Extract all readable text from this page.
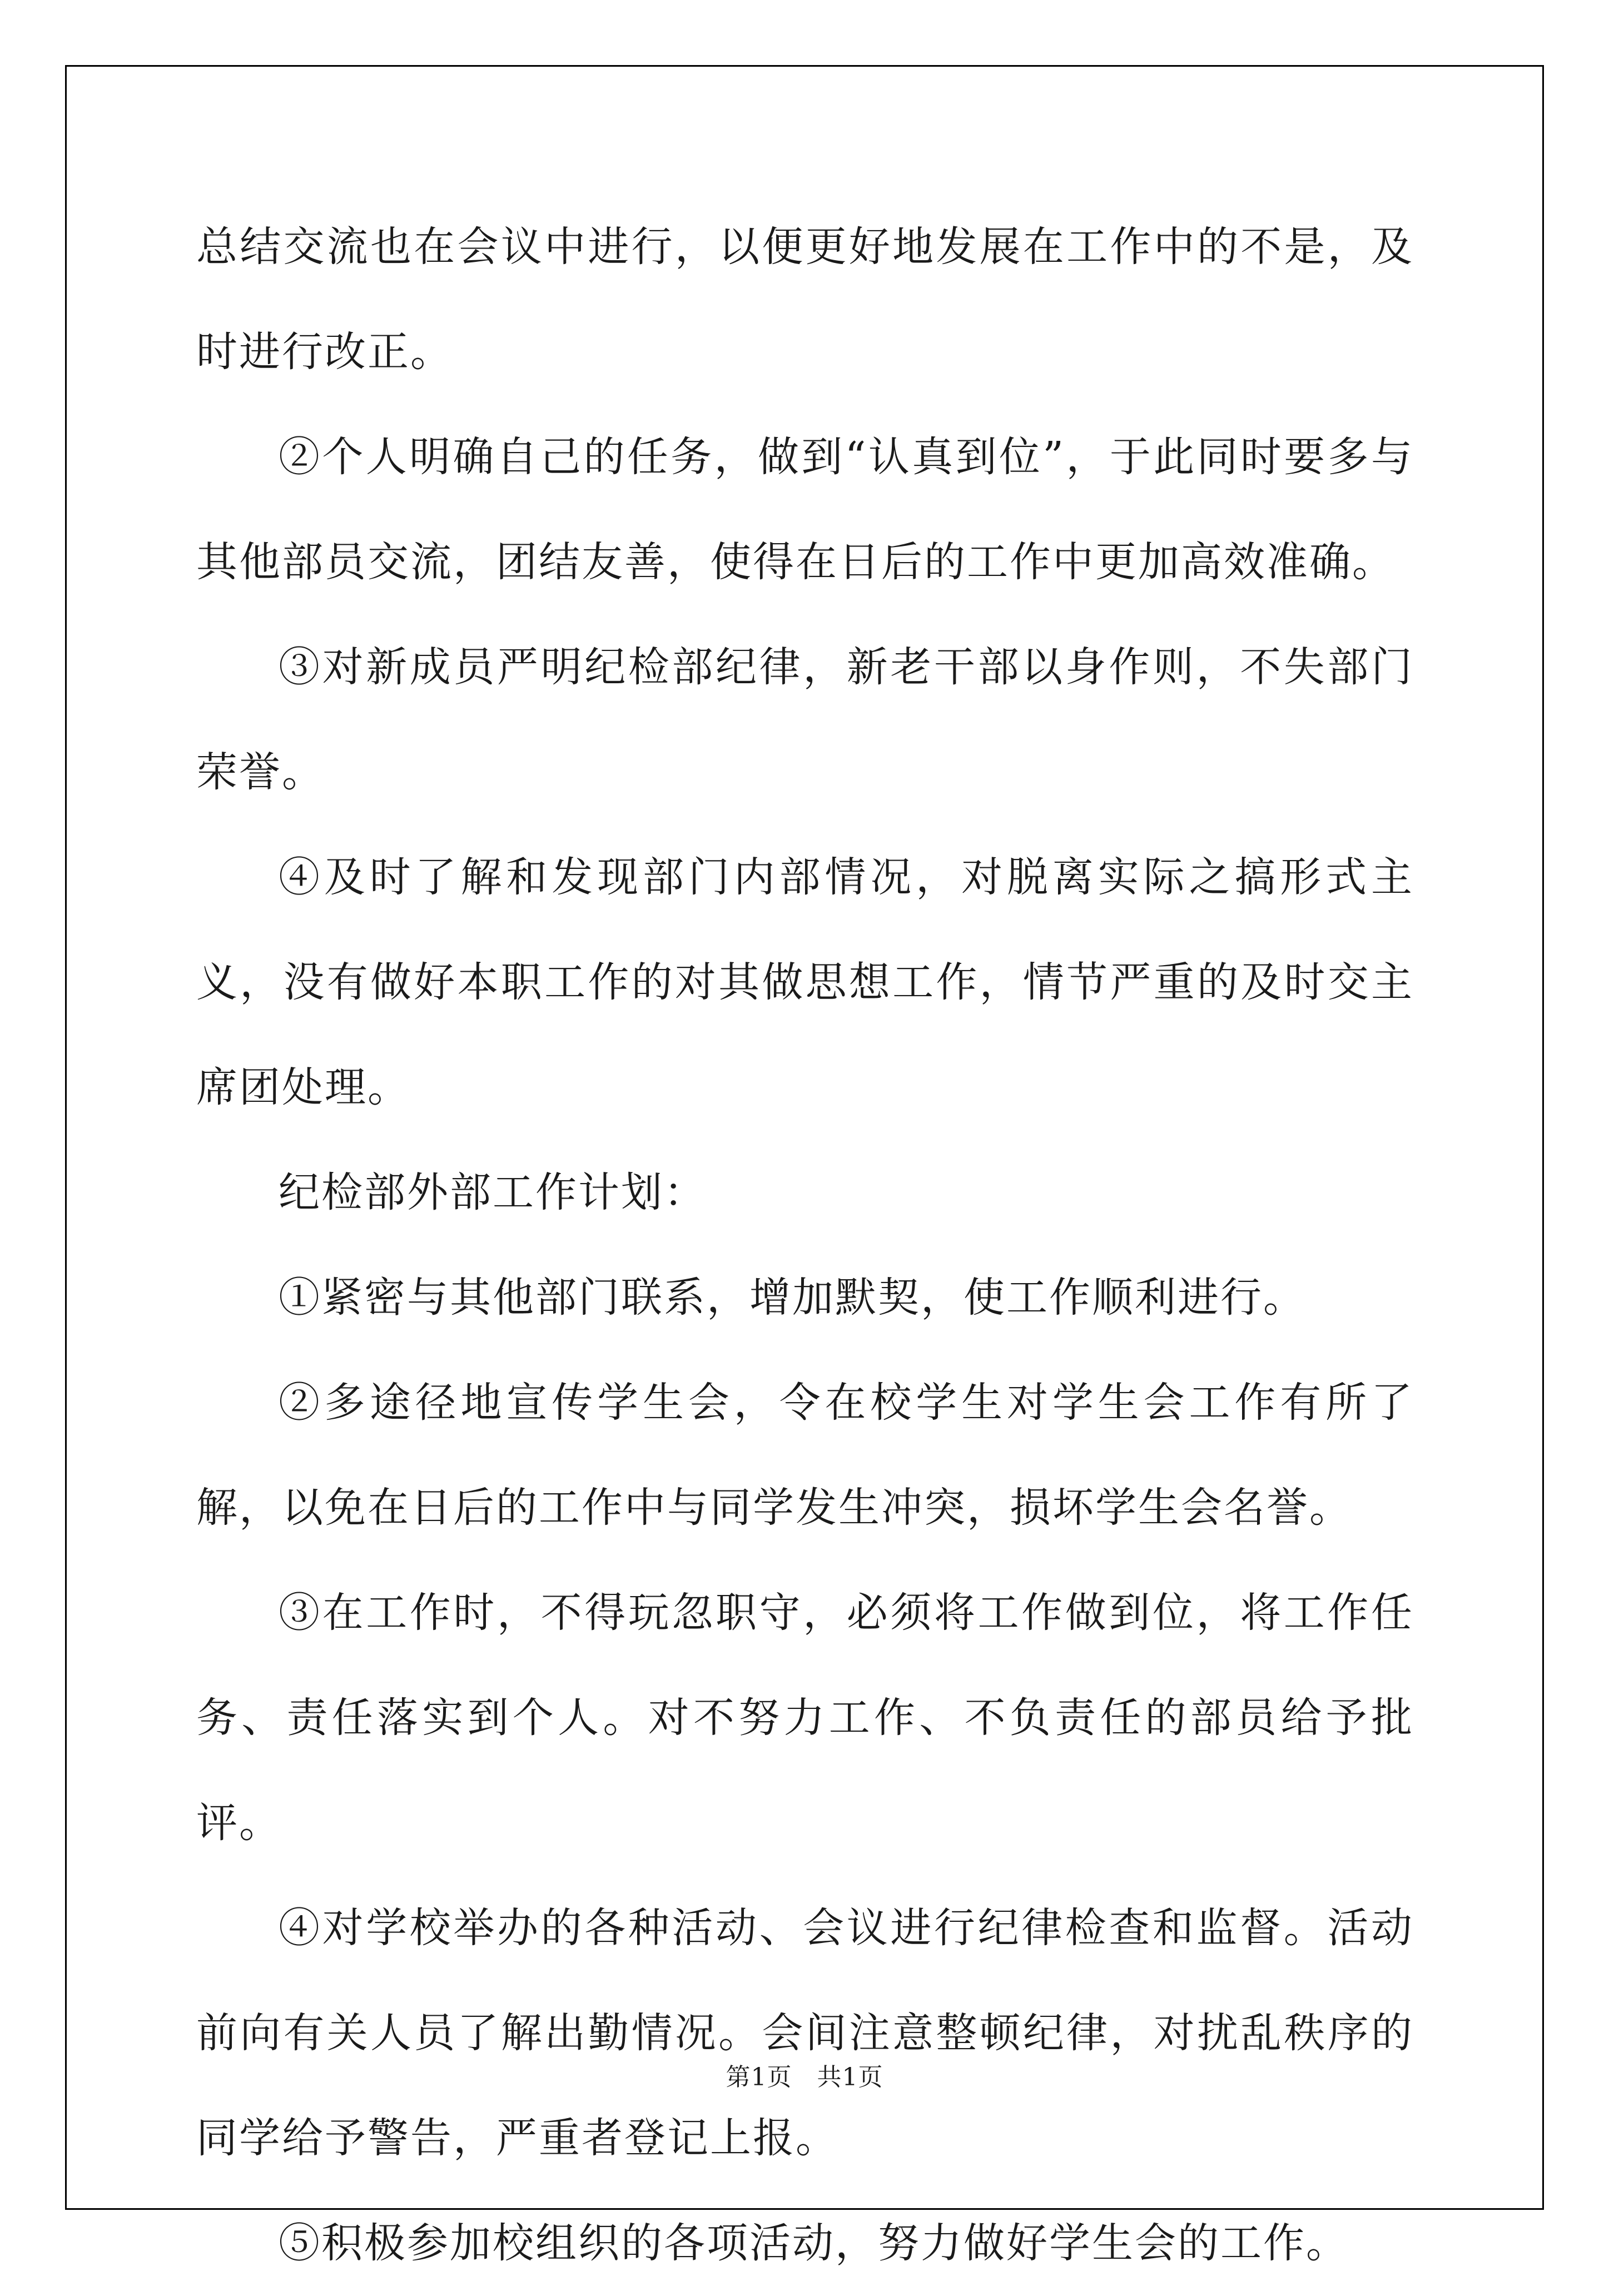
总结交流也在会议中进行，以便更好地发展在工作中的不是，及时进行改正。

②个人明确自己的任务，做到“认真到位”，于此同时要多与其他部员交流，团结友善，使得在日后的工作中更加高效准确。

③对新成员严明纪检部纪律，新老干部以身作则，不失部门荣誉。

④及时了解和发现部门内部情况，对脱离实际之搞形式主义，没有做好本职工作的对其做思想工作，情节严重的及时交主席团处理。

纪检部外部工作计划：

①紧密与其他部门联系，增加默契，使工作顺利进行。

②多途径地宣传学生会，令在校学生对学生会工作有所了解，以免在日后的工作中与同学发生冲突，损坏学生会名誉。

③在工作时，不得玩忽职守，必须将工作做到位，将工作任务、责任落实到个人。对不努力工作、不负责任的部员给予批评。

④对学校举办的各种活动、会议进行纪律检查和监督。活动前向有关人员了解出勤情况。会间注意整顿纪律，对扰乱秩序的同学给予警告，严重者登记上报。

⑤积极参加校组织的各项活动，努力做好学生会的工作。

第1页 共1页
